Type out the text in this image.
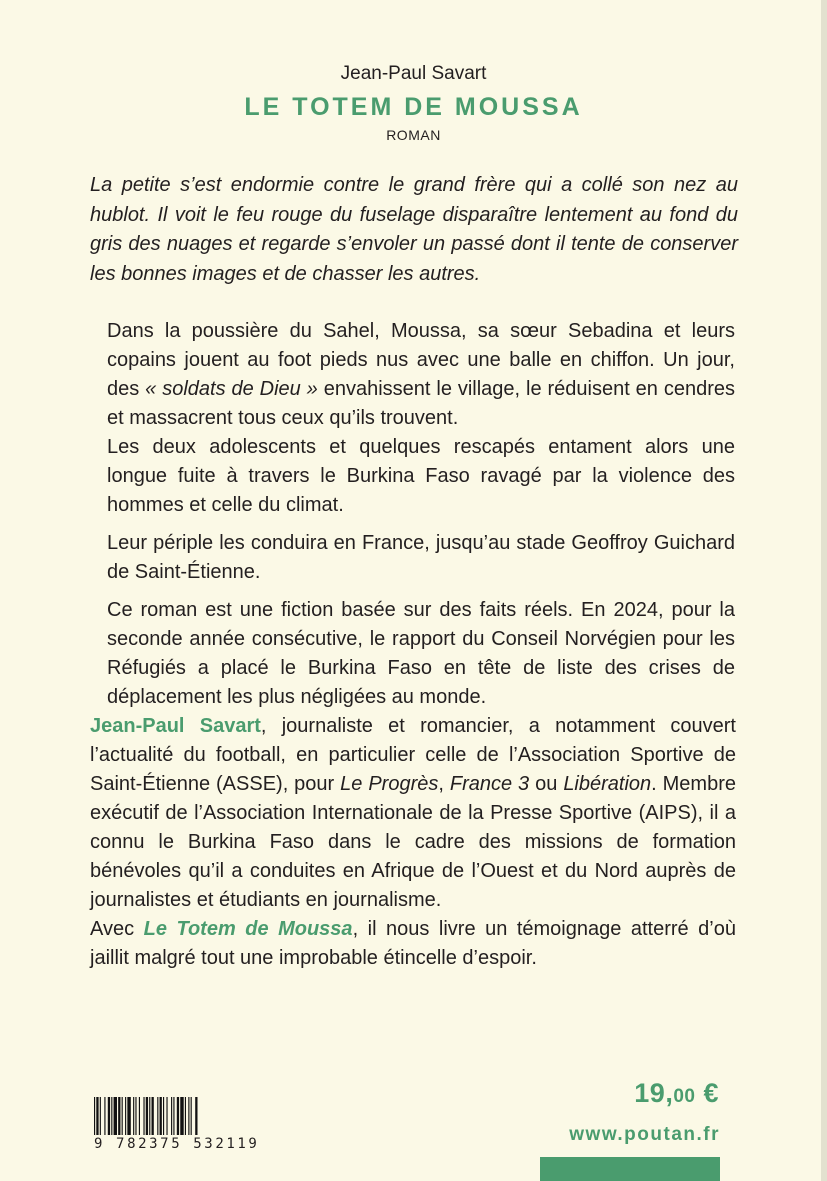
Jean-Paul Savart
LE TOTEM DE MOUSSA
ROMAN

La petite s’est endormie contre le grand frère qui a collé son nez au hublot. Il voit le feu rouge du fuselage disparaître lentement au fond du gris des nuages et regarde s’envoler un passé dont il tente de conserver les bonnes images et de chasser les autres.

Dans la poussière du Sahel, Moussa, sa sœur Sebadina et leurs copains jouent au foot pieds nus avec une balle en chiffon. Un jour, des « soldats de Dieu » envahissent le village, le réduisent en cendres et massacrent tous ceux qu’ils trouvent.
Les deux adolescents et quelques rescapés entament alors une longue fuite à travers le Burkina Faso ravagé par la violence des hommes et celle du climat.

Leur périple les conduira en France, jusqu’au stade Geoffroy Guichard de Saint-Étienne.

Ce roman est une fiction basée sur des faits réels. En 2024, pour la seconde année consécutive, le rapport du Conseil Norvégien pour les Réfugiés a placé le Burkina Faso en tête de liste des crises de déplacement les plus négligées au monde.

Jean-Paul Savart, journaliste et romancier, a notamment couvert l’actualité du football, en particulier celle de l’Association Sportive de Saint-Étienne (ASSE), pour Le Progrès, France 3 ou Libération. Membre exécutif de l’Association Internationale de la Presse Sportive (AIPS), il a connu le Burkina Faso dans le cadre des missions de formation bénévoles qu’il a conduites en Afrique de l’Ouest et du Nord auprès de journalistes et étudiants en journalisme.

Avec Le Totem de Moussa, il nous livre un témoignage atterré d’où jaillit malgré tout une improbable étincelle d’espoir.

9 782375 532119
19,00 €
www.poutan.fr
